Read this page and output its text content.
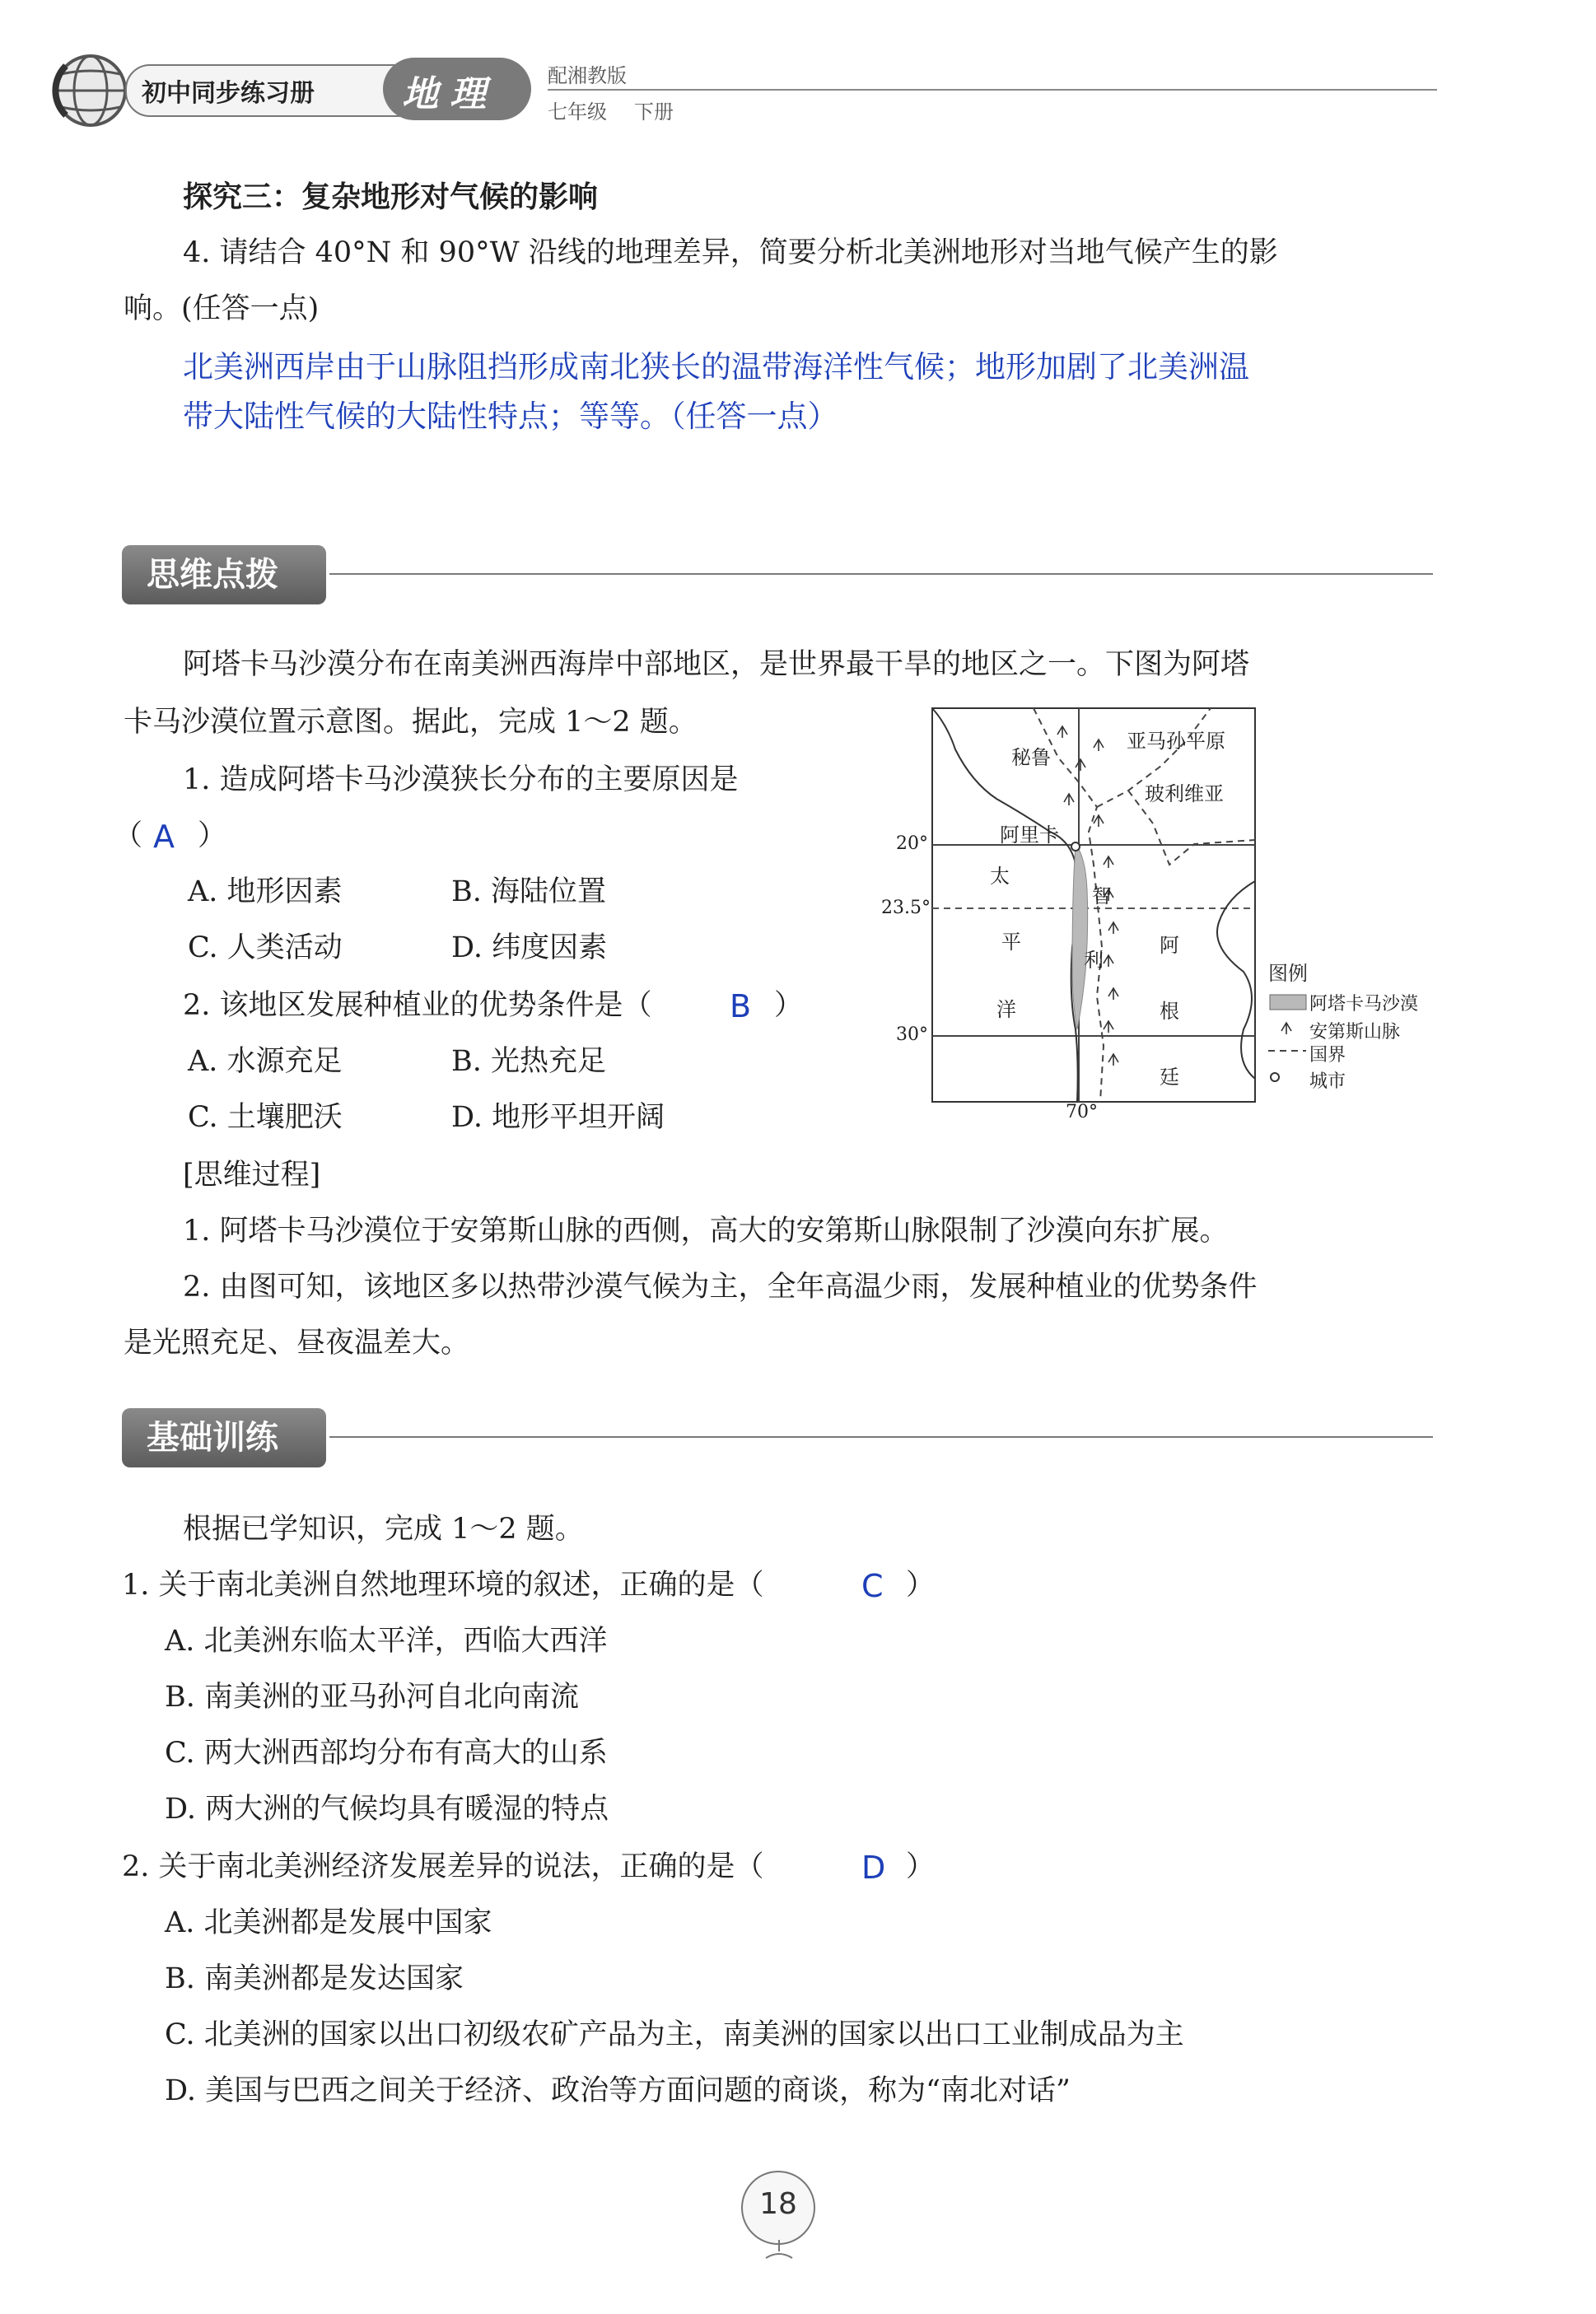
初中同步练习册 地理	配湘教版
七年级 下册
探究三：复杂地形对气候的影响
4. 请结合 40°N 和 90°W 沿线的地理差异，简要分析北美洲地形对当地气候产生的影
响。(任答一点)
北美洲西岸由于山脉阻挡形成南北狭长的温带海洋性气候；地形加剧了北美洲温
带大陆性气候的大陆性特点；等等。（任答一点）
思维点拨
阿塔卡马沙漠分布在南美洲西海岸中部地区，是世界最干旱的地区之一。下图为阿塔
卡马沙漠位置示意图。据此，完成 1～2 题。
1. 造成阿塔卡马沙漠狭长分布的主要原因是
（ A ）
A. 地形因素	B. 海陆位置
C. 人类活动	D. 纬度因素
2. 该地区发展种植业的优势条件是（ B ）
A. 水源充足	B. 光热充足
C. 土壤肥沃	D. 地形平坦开阔
秘鲁
亚马孙平原
玻利维亚
阿里卡
太
平
洋
智
利
阿
根
廷
20°
23.5°
30°
70°
图例
阿塔卡马沙漠
安第斯山脉
国界
城市
[思维过程]
1. 阿塔卡马沙漠位于安第斯山脉的西侧，高大的安第斯山脉限制了沙漠向东扩展。
2. 由图可知，该地区多以热带沙漠气候为主，全年高温少雨，发展种植业的优势条件
是光照充足、昼夜温差大。
基础训练
根据已学知识，完成 1～2 题。
1. 关于南北美洲自然地理环境的叙述，正确的是（	C ）
A. 北美洲东临太平洋，西临大西洋
B. 南美洲的亚马孙河自北向南流
C. 两大洲西部均分布有高大的山系
D. 两大洲的气候均具有暖湿的特点
2. 关于南北美洲经济发展差异的说法，正确的是（	D ）
A. 北美洲都是发展中国家
B. 南美洲都是发达国家
C. 北美洲的国家以出口初级农矿产品为主，南美洲的国家以出口工业制成品为主
D. 美国与巴西之间关于经济、政治等方面问题的商谈，称为“南北对话”
18
